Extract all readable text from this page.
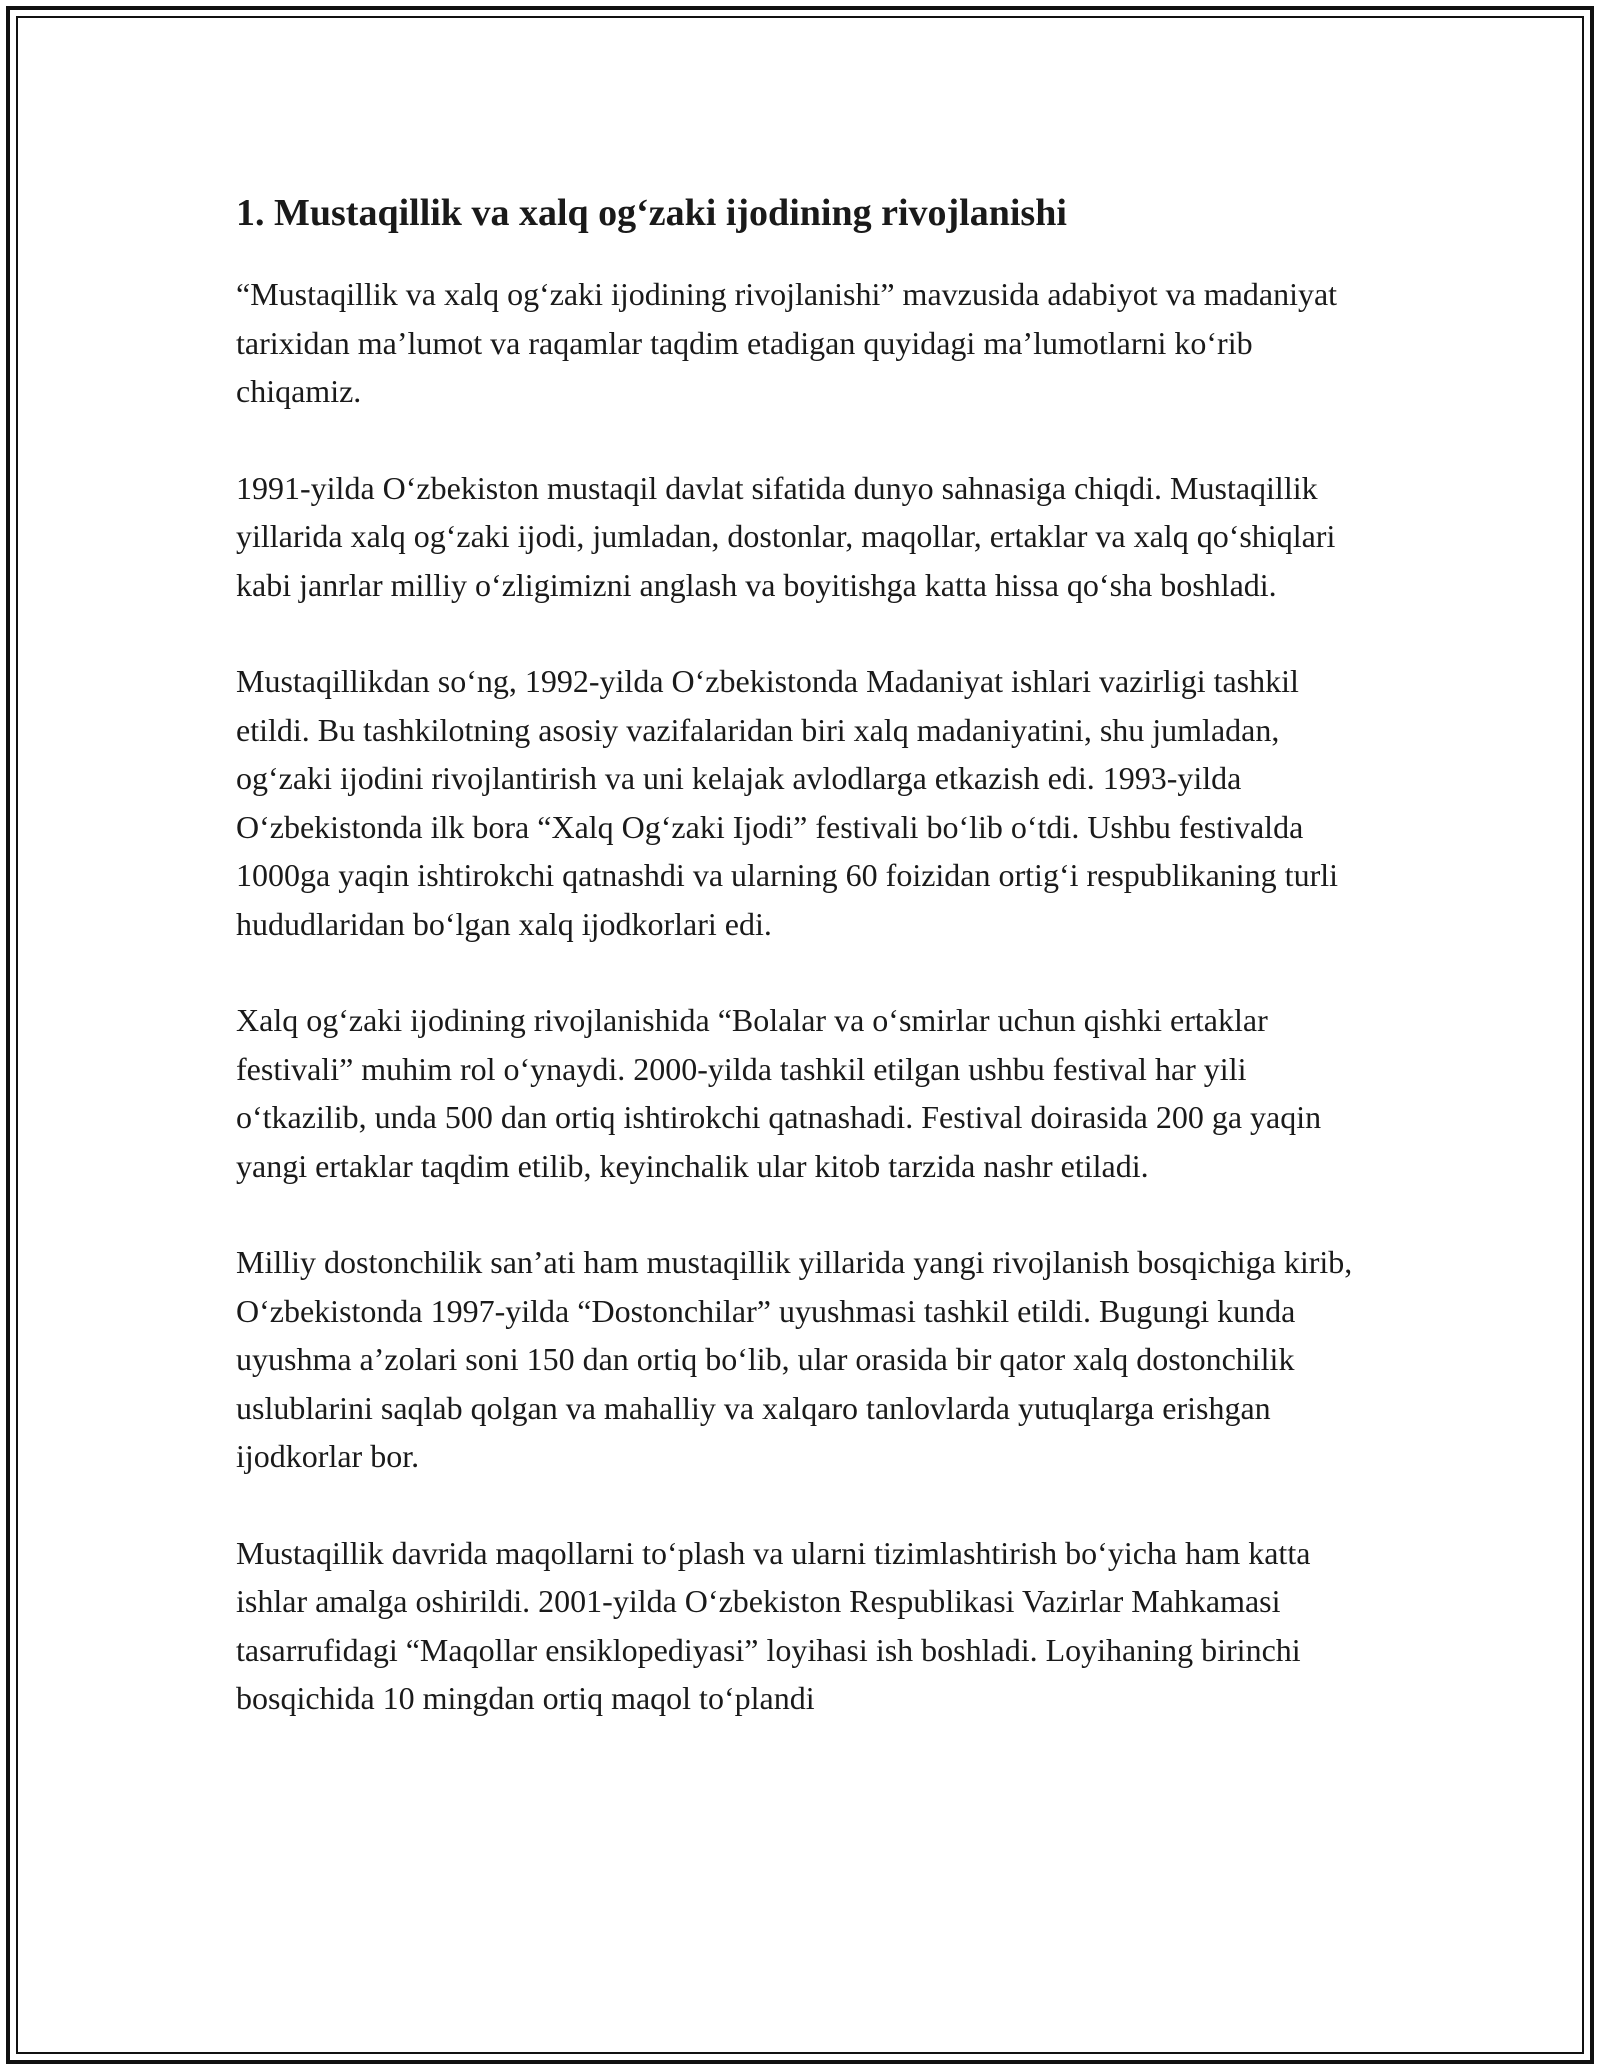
1. Mustaqillik va xalq og‘zaki ijodining rivojlanishi

“Mustaqillik va xalq og‘zaki ijodining rivojlanishi” mavzusida adabiyot va madaniyat tarixidan ma’lumot va raqamlar taqdim etadigan quyidagi ma’lumotlarni ko‘rib chiqamiz.

1991-yilda O‘zbekiston mustaqil davlat sifatida dunyo sahnasiga chiqdi. Mustaqillik yillarida xalq og‘zaki ijodi, jumladan, dostonlar, maqollar, ertaklar va xalq qo‘shiqlari kabi janrlar milliy o‘zligimizni anglash va boyitishga katta hissa qo‘sha boshladi.

Mustaqillikdan so‘ng, 1992-yilda O‘zbekistonda Madaniyat ishlari vazirligi tashkil etildi. Bu tashkilotning asosiy vazifalaridan biri xalq madaniyatini, shu jumladan, og‘zaki ijodini rivojlantirish va uni kelajak avlodlarga etkazish edi. 1993-yilda O‘zbekistonda ilk bora “Xalq Og‘zaki Ijodi” festivali bo‘lib o‘tdi. Ushbu festivalda 1000ga yaqin ishtirokchi qatnashdi va ularning 60 foizidan ortig‘i respublikaning turli hududlaridan bo‘lgan xalq ijodkorlari edi.

Xalq og‘zaki ijodining rivojlanishida “Bolalar va o‘smirlar uchun qishki ertaklar festivali” muhim rol o‘ynaydi. 2000-yilda tashkil etilgan ushbu festival har yili o‘tkazilib, unda 500 dan ortiq ishtirokchi qatnashadi. Festival doirasida 200 ga yaqin yangi ertaklar taqdim etilib, keyinchalik ular kitob tarzida nashr etiladi.

Milliy dostonchilik san’ati ham mustaqillik yillarida yangi rivojlanish bosqichiga kirib, O‘zbekistonda 1997-yilda “Dostonchilar” uyushmasi tashkil etildi. Bugungi kunda uyushma a’zolari soni 150 dan ortiq bo‘lib, ular orasida bir qator xalq dostonchilik uslublarini saqlab qolgan va mahalliy va xalqaro tanlovlarda yutuqlarga erishgan ijodkorlar bor.

Mustaqillik davrida maqollarni to‘plash va ularni tizimlashtirish bo‘yicha ham katta ishlar amalga oshirildi. 2001-yilda O‘zbekiston Respublikasi Vazirlar Mahkamasi tasarrufidagi “Maqollar ensiklopediyasi” loyihasi ish boshladi. Loyihaning birinchi bosqichida 10 mingdan ortiq maqol to‘plandi
